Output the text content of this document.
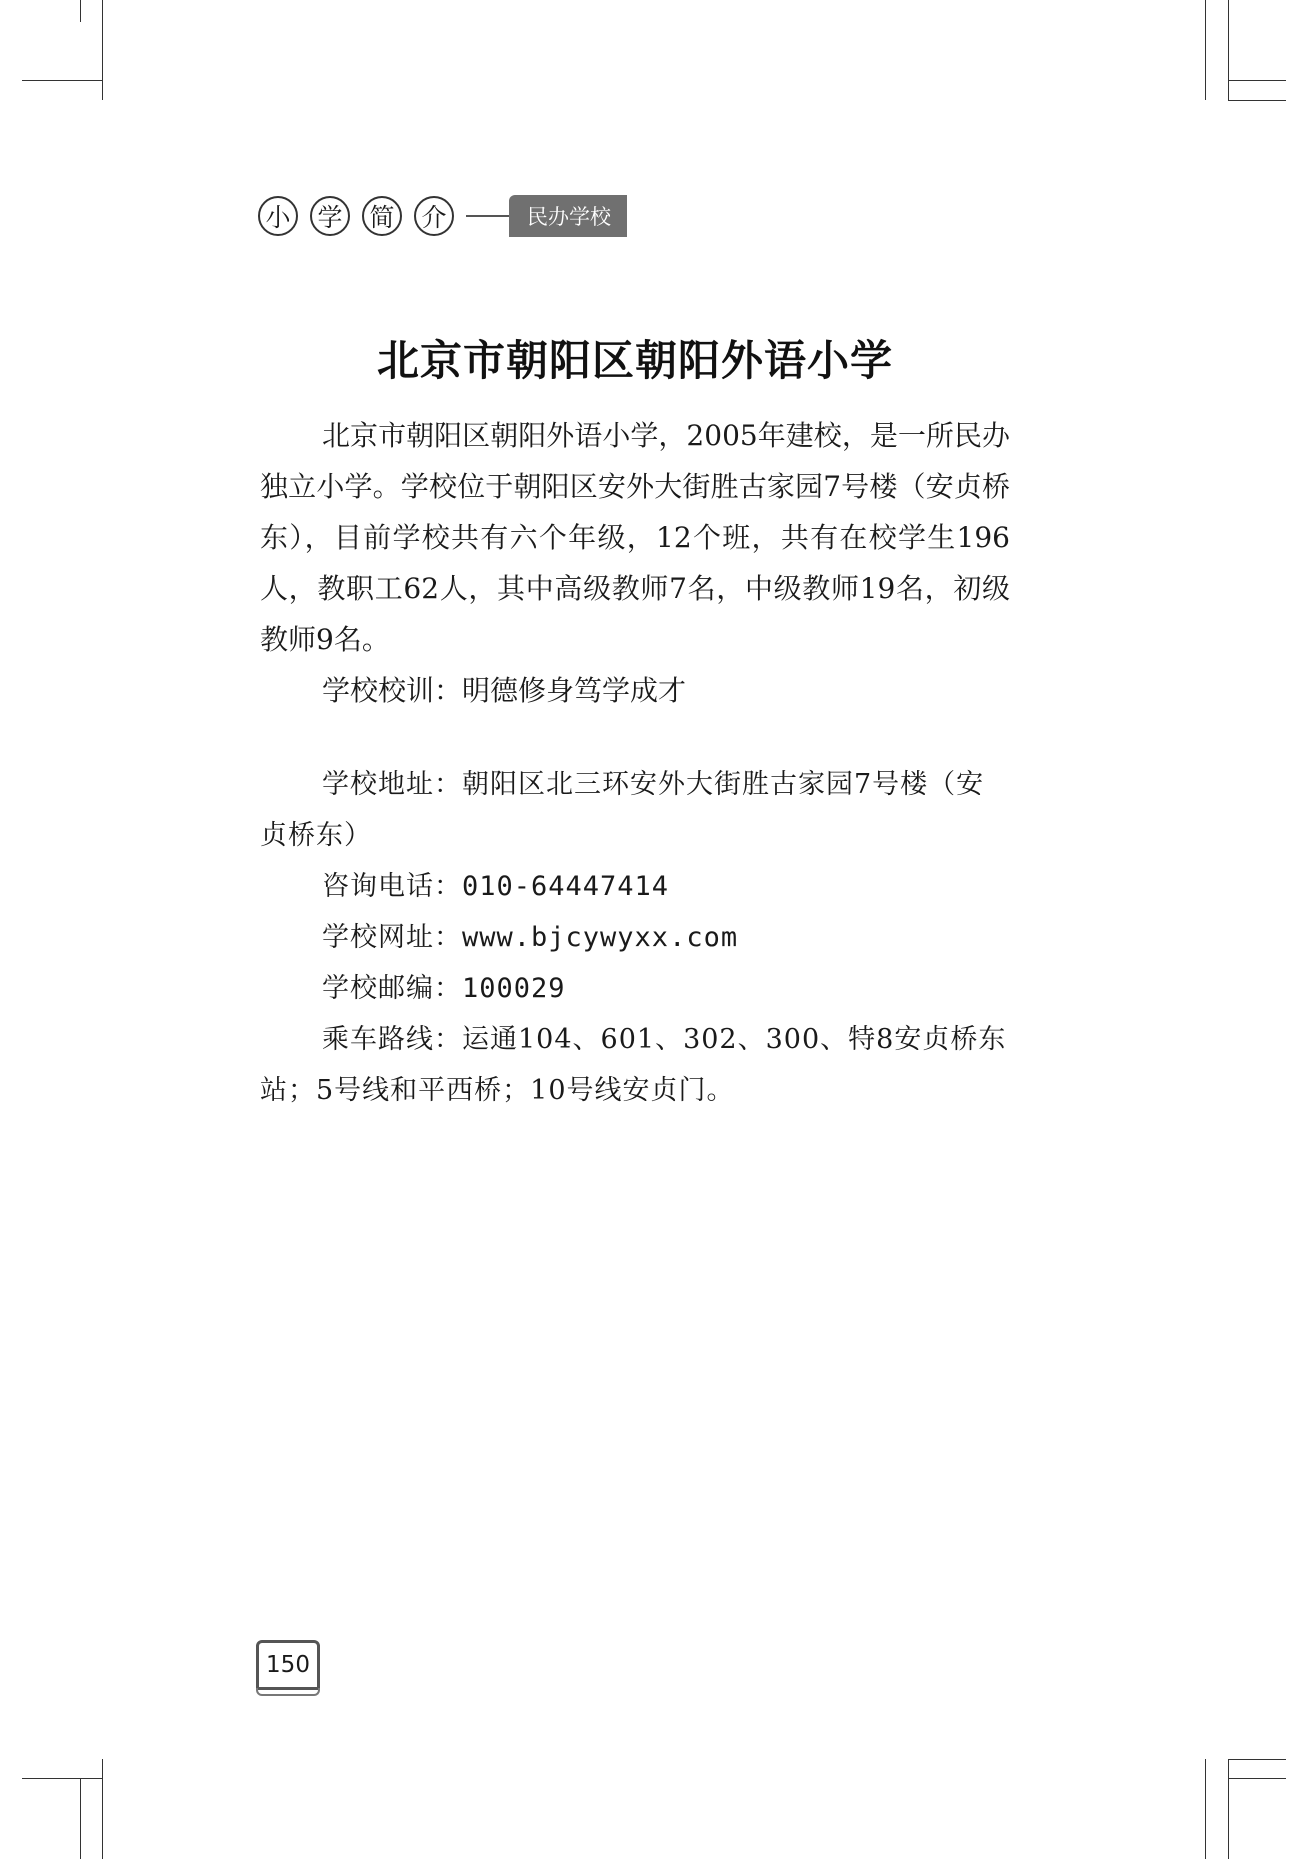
小	学	简	介	民办学校
北京市朝阳区朝阳外语小学

北京市朝阳区朝阳外语小学，2005年建校，是一所民办独立小学。学校位于朝阳区安外大街胜古家园7号楼（安贞桥东），目前学校共有六个年级，12个班，共有在校学生196人，教职工62人，其中高级教师7名，中级教师19名，初级教师9名。

学校校训：明德修身笃学成才

学校地址：朝阳区北三环安外大街胜古家园7号楼（安贞桥东）

咨询电话：010-64447414

学校网址：www.bjcywyxx.com

学校邮编：100029

乘车路线：运通104、601、302、300、特8安贞桥东站；5号线和平西桥；10号线安贞门。

150
